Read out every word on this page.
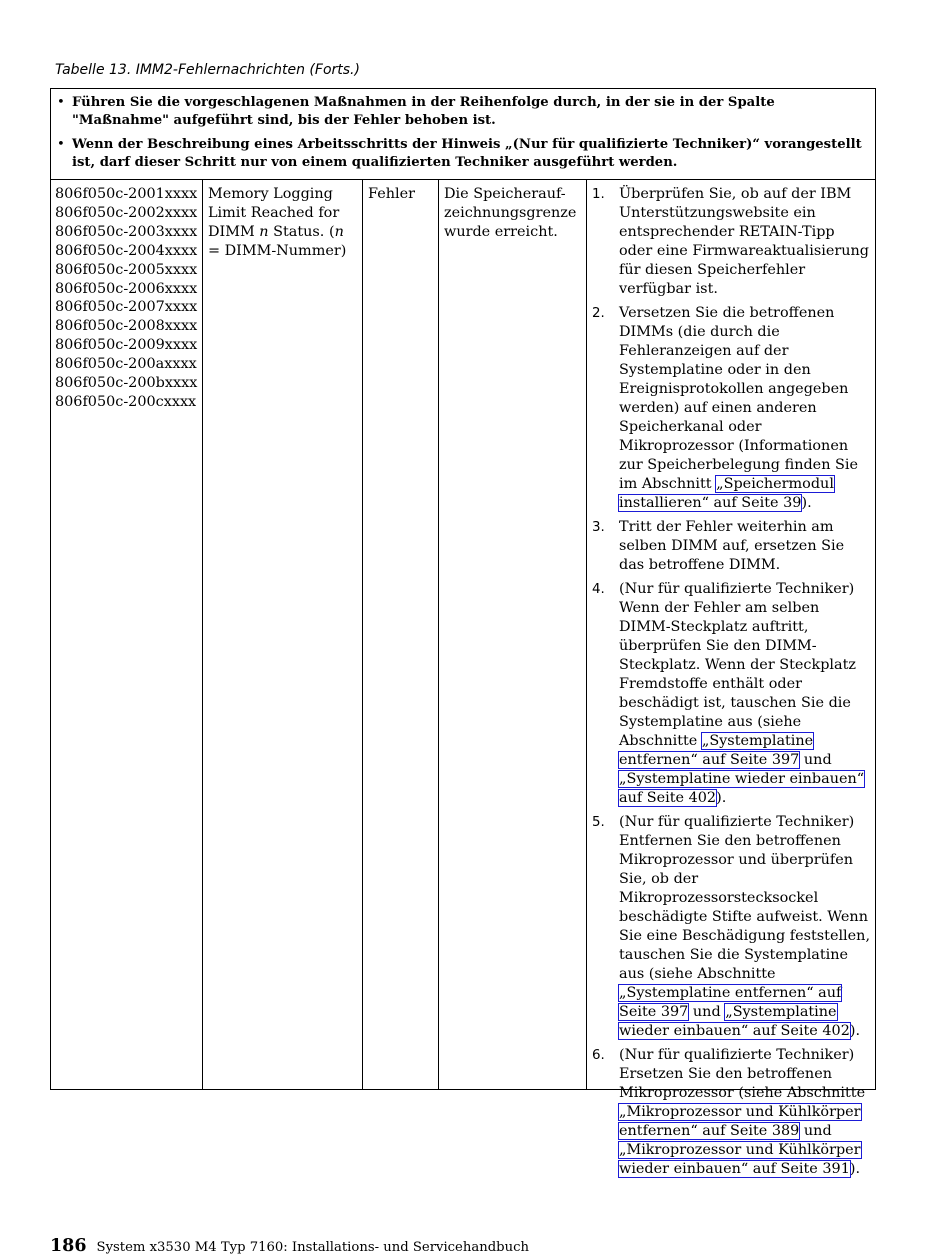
Tabelle 13. IMM2-Fehlernachrichten (Forts.)
• Führen Sie die vorgeschlagenen Maßnahmen in der Reihenfolge durch, in der sie in der Spalte "Maßnahme" aufgeführt sind, bis der Fehler behoben ist.
• Wenn der Beschreibung eines Arbeitsschritts der Hinweis „(Nur für qualifizierte Techniker)“ vorangestellt ist, darf dieser Schritt nur von einem qualifizierten Techniker ausgeführt werden.
806f050c-2001xxxx
806f050c-2002xxxx
806f050c-2003xxxx
806f050c-2004xxxx
806f050c-2005xxxx
806f050c-2006xxxx
806f050c-2007xxxx
806f050c-2008xxxx
806f050c-2009xxxx
806f050c-200axxxx
806f050c-200bxxxx
806f050c-200cxxxx
Memory Logging Limit Reached for DIMM n Status. (n = DIMM-Nummer)
Fehler	Die Speicherauf-zeichnungsgrenze wurde erreicht.
1. Überprüfen Sie, ob auf der IBM Unterstützungswebsite ein entsprechender RETAIN-Tipp oder eine Firmwareaktualisierung für diesen Speicherfehler verfügbar ist.
2. Versetzen Sie die betroffenen DIMMs (die durch die Fehleranzeigen auf der Systemplatine oder in den Ereignisprotokollen angegeben werden) auf einen anderen Speicherkanal oder Mikroprozessor (Informationen zur Speicherbelegung finden Sie im Abschnitt „Speichermodul installieren“ auf Seite 39).
3. Tritt der Fehler weiterhin am selben DIMM auf, ersetzen Sie das betroffene DIMM.
4. (Nur für qualifizierte Techniker) Wenn der Fehler am selben DIMM-Steckplatz auftritt, überprüfen Sie den DIMM-Steckplatz. Wenn der Steckplatz Fremdstoffe enthält oder beschädigt ist, tauschen Sie die Systemplatine aus (siehe Abschnitte „Systemplatine entfernen“ auf Seite 397 und „Systemplatine wieder einbauen“ auf Seite 402).
5. (Nur für qualifizierte Techniker) Entfernen Sie den betroffenen Mikroprozessor und überprüfen Sie, ob der Mikroprozessorstecksockel beschädigte Stifte aufweist. Wenn Sie eine Beschädigung feststellen, tauschen Sie die Systemplatine aus (siehe Abschnitte „Systemplatine entfernen“ auf Seite 397 und „Systemplatine wieder einbauen“ auf Seite 402).
6. (Nur für qualifizierte Techniker) Ersetzen Sie den betroffenen Mikroprozessor (siehe Abschnitte „Mikroprozessor und Kühlkörper entfernen“ auf Seite 389 und „Mikroprozessor und Kühlkörper wieder einbauen“ auf Seite 391).
186 System x3530 M4 Typ 7160: Installations- und Servicehandbuch
